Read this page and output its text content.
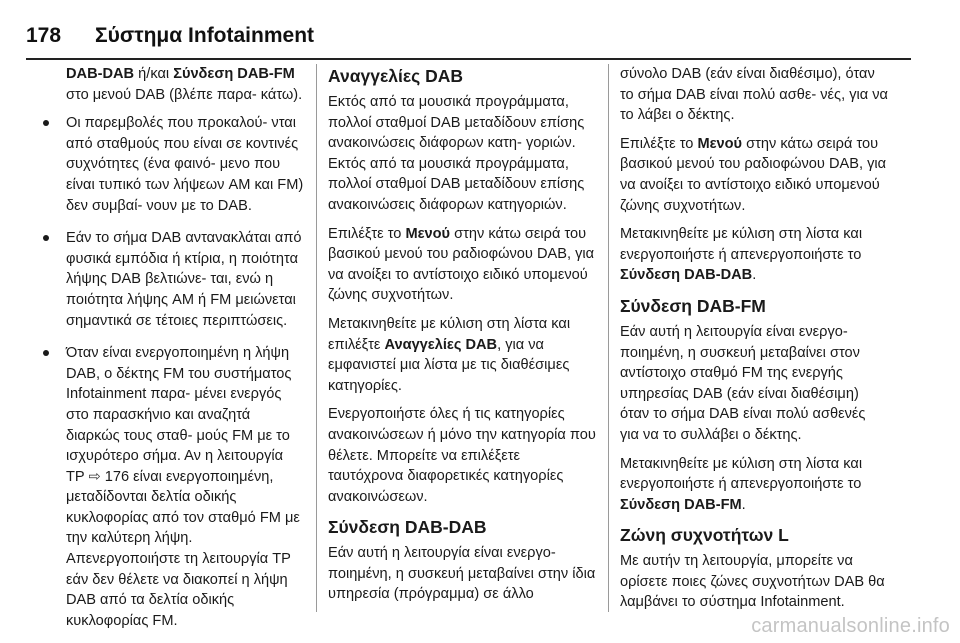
178 Σύστημα Infotainment

DAB-DAB ή/και Σύνδεση DAB-FM στο μενού DAB (βλέπε παρα‐ κάτω).

Οι παρεμβολές που προκαλού‐ νται από σταθμούς που είναι σε κοντινές συχνότητες (ένα φαινό‐ μενο που είναι τυπικό των λήψεων AM και FM) δεν συμβαί‐ νουν με το DAB.
Εάν το σήμα DAB αντανακλάται από φυσικά εμπόδια ή κτίρια, η ποιότητα λήψης DAB βελτιώνε‐ ται, ενώ η ποιότητα λήψης AM ή FM μειώνεται σημαντικά σε τέτοιες περιπτώσεις.
Όταν είναι ενεργοποιημένη η λήψη DAB, ο δέκτης FM του συστήματος Infotainment παρα‐ μένει ενεργός στο παρασκήνιο και αναζητά διαρκώς τους σταθ‐ μούς FM με το ισχυρότερο σήμα. Αν η λειτουργία TP ⇨ 176 είναι ενεργοποιημένη, μεταδίδονται δελτία οδικής κυκλοφορίας από τον σταθμό FM με την καλύτερη λήψη. Απενεργοποιήστε τη λειτουργία TP εάν δεν θέλετε να διακοπεί η λήψη DAB από τα δελτία οδικής κυκλοφορίας FM.
Αναγγελίες DAB

Εκτός από τα μουσικά προγράμματα, πολλοί σταθμοί DAB μεταδίδουν επίσης ανακοινώσεις διάφορων κατη‐ γοριών. Εκτός από τα μουσικά προγράμματα, πολλοί σταθμοί DAB μεταδίδουν επίσης ανακοινώσεις διάφορων κατηγοριών.

Επιλέξτε το Μενού στην κάτω σειρά του βασικού μενού του ραδιοφώνου DAB, για να ανοίξει το αντίστοιχο ειδικό υπομενού ζώνης συχνοτήτων.

Μετακινηθείτε με κύλιση στη λίστα και επιλέξτε Αναγγελίες DAB, για να εμφανιστεί μια λίστα με τις διαθέσιμες κατηγορίες.

Ενεργοποιήστε όλες ή τις κατηγορίες ανακοινώσεων ή μόνο την κατηγορία που θέλετε. Μπορείτε να επιλέξετε ταυτόχρονα διαφορετικές κατηγορίες ανακοινώσεων.

Σύνδεση DAB-DAB

Εάν αυτή η λειτουργία είναι ενεργο‐ ποιημένη, η συσκευή μεταβαίνει στην ίδια υπηρεσία (πρόγραμμα) σε άλλο

σύνολο DAB (εάν είναι διαθέσιμο), όταν το σήμα DAB είναι πολύ ασθε‐ νές, για να το λάβει ο δέκτης.

Επιλέξτε το Μενού στην κάτω σειρά του βασικού μενού του ραδιοφώνου DAB, για να ανοίξει το αντίστοιχο ειδικό υπομενού ζώνης συχνοτήτων.

Μετακινηθείτε με κύλιση στη λίστα και ενεργοποιήστε ή απενεργοποιήστε το Σύνδεση DAB-DAB.

Σύνδεση DAB-FM

Εάν αυτή η λειτουργία είναι ενεργο‐ ποιημένη, η συσκευή μεταβαίνει στον αντίστοιχο σταθμό FM της ενεργής υπηρεσίας DAB (εάν είναι διαθέσιμη) όταν το σήμα DAB είναι πολύ ασθενές για να το συλλάβει ο δέκτης.

Μετακινηθείτε με κύλιση στη λίστα και ενεργοποιήστε ή απενεργοποιήστε το Σύνδεση DAB-FM.

Ζώνη συχνοτήτων L

Με αυτήν τη λειτουργία, μπορείτε να ορίσετε ποιες ζώνες συχνοτήτων DAB θα λαμβάνει το σύστημα Infotainment.

carmanualsonline.info
